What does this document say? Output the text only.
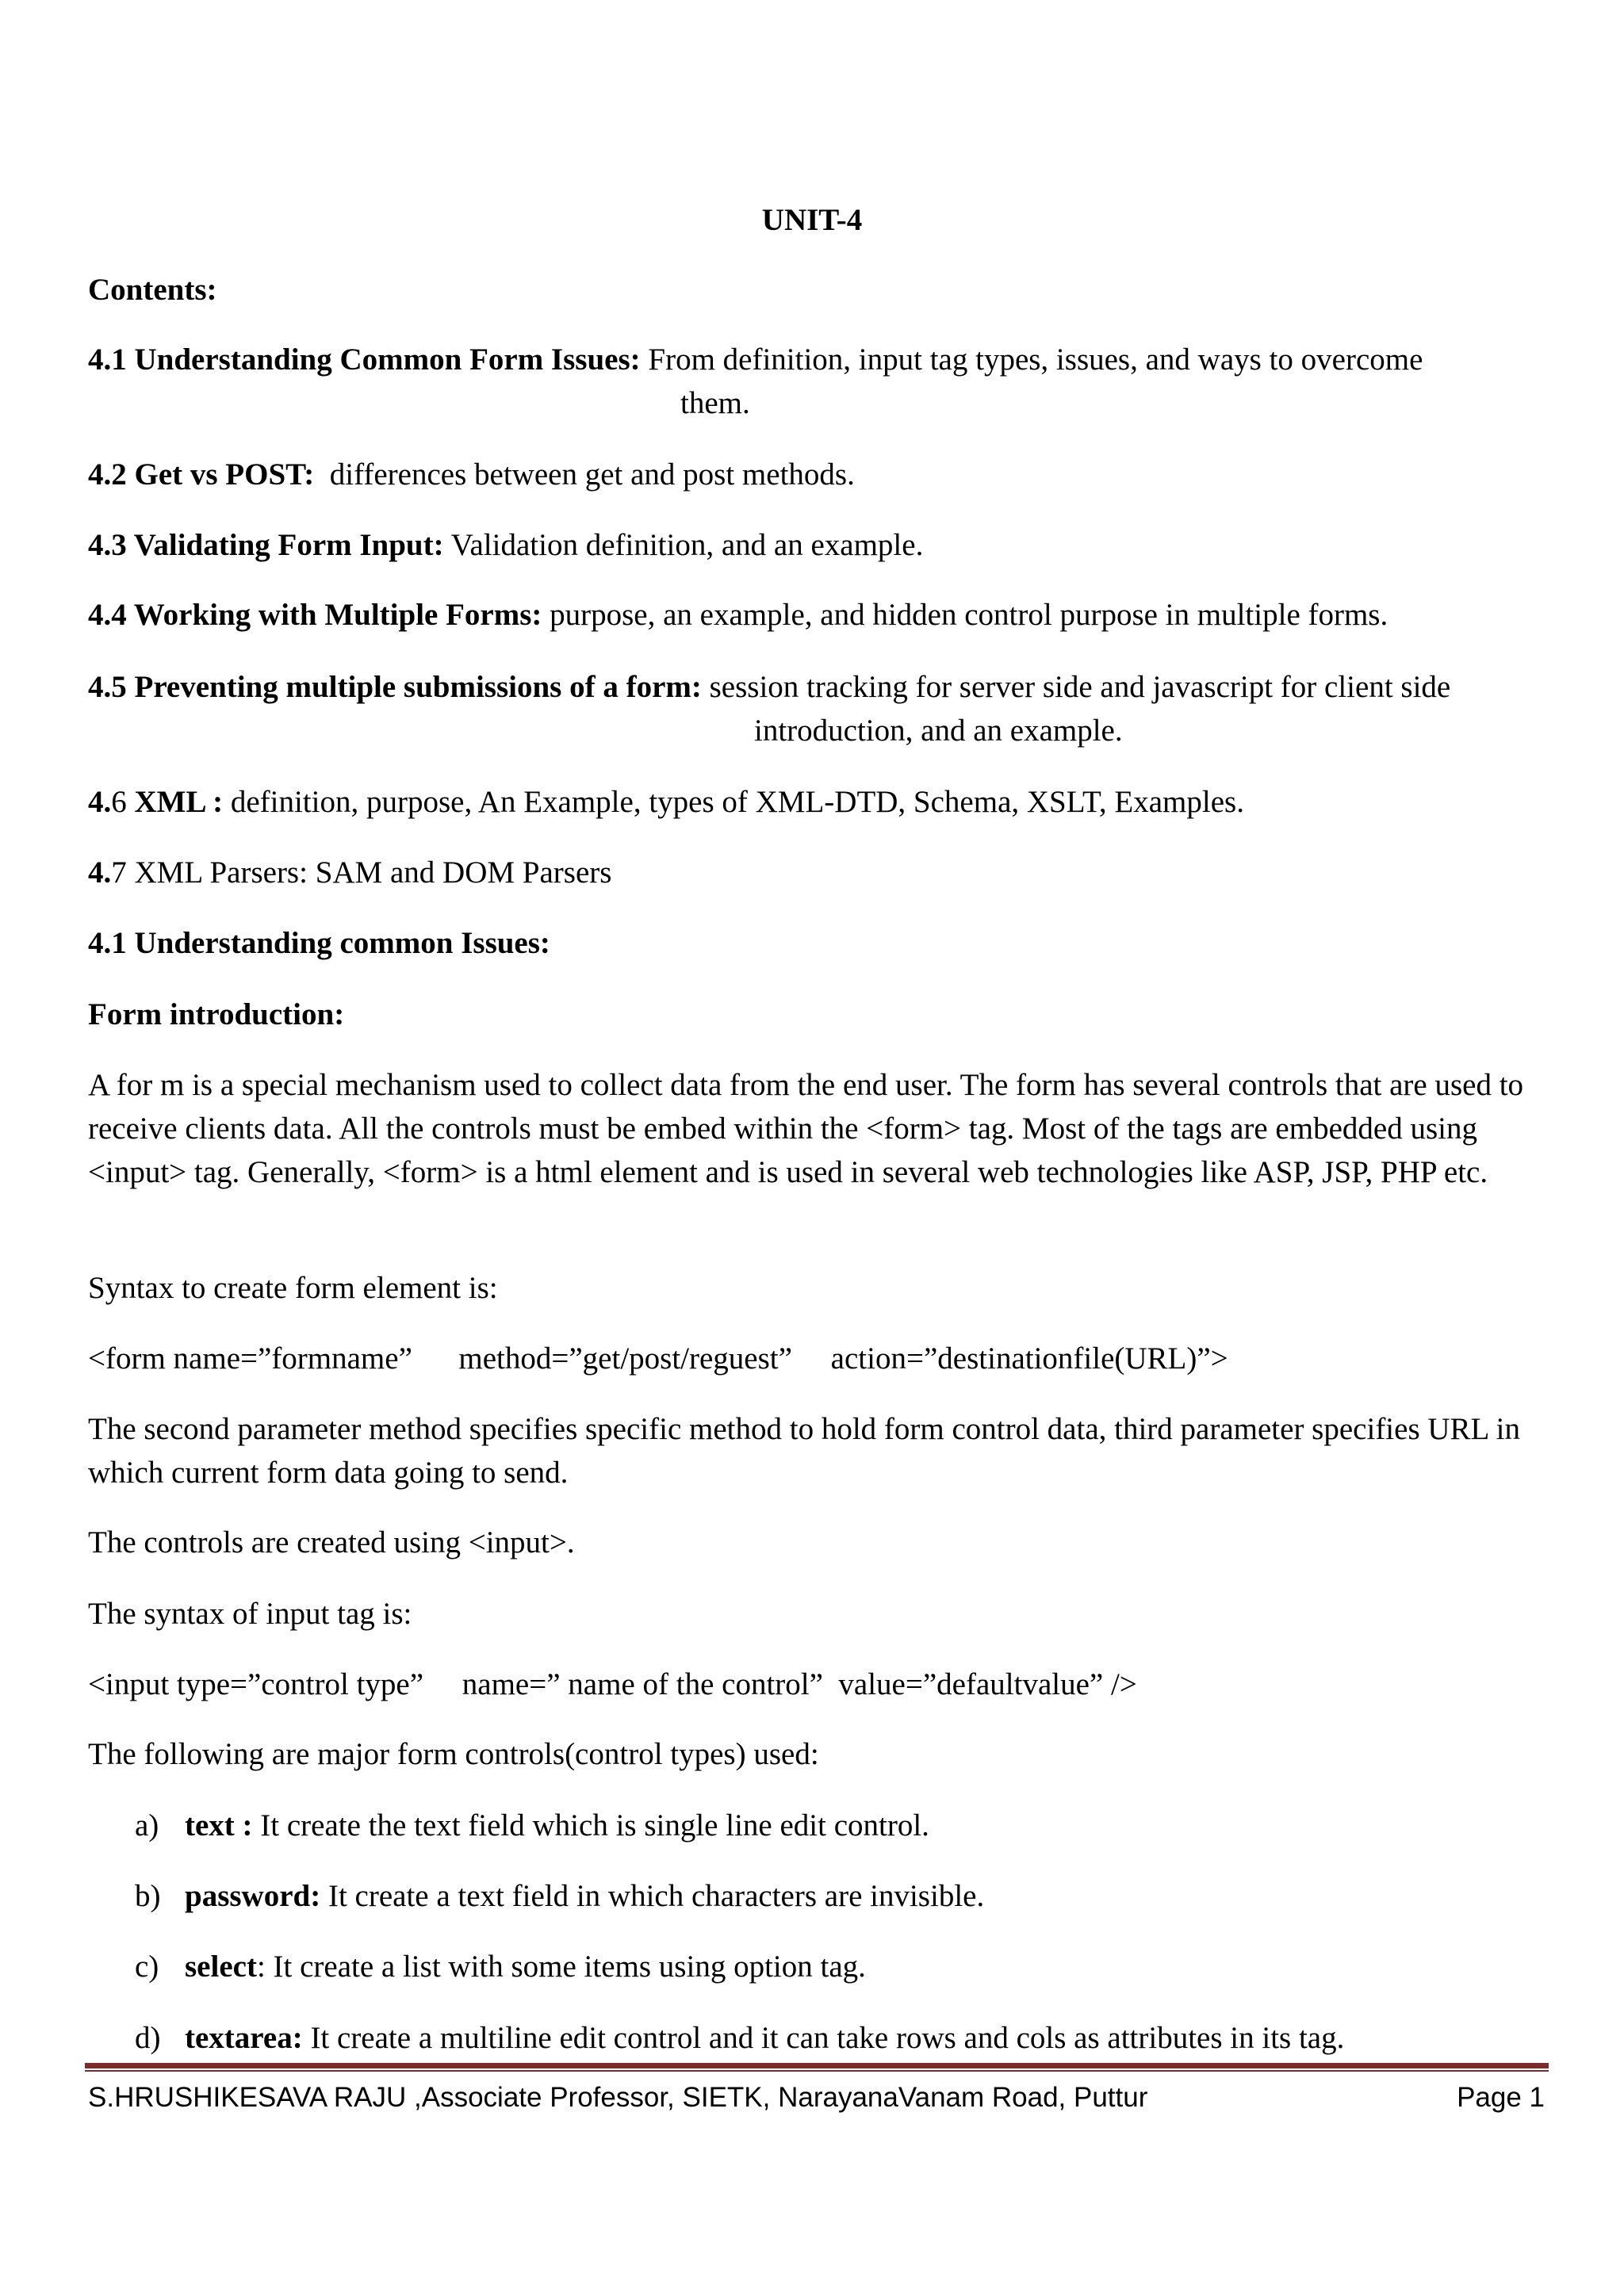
UNIT-4
Contents:
4.1 Understanding Common Form Issues: From definition, input tag types, issues, and ways to overcome
them.
4.2 Get vs POST:  differences between get and post methods.
4.3 Validating Form Input: Validation definition, and an example.
4.4 Working with Multiple Forms: purpose, an example, and hidden control purpose in multiple forms.
4.5 Preventing multiple submissions of a form: session tracking for server side and javascript for client side
introduction, and an example.
4.6 XML : definition, purpose, An Example, types of XML-DTD, Schema, XSLT, Examples.
4.7 XML Parsers: SAM and DOM Parsers
4.1 Understanding common Issues:
Form introduction:
A for m is a special mechanism used to collect data from the end user. The form has several controls that are used to receive clients data. All the controls must be embed within the <form> tag. Most of the tags are embedded using <input> tag. Generally, <form> is a html element and is used in several web technologies like ASP, JSP, PHP etc.
Syntax to create form element is:
<form name=”formname”      method=”get/post/reguest”     action=”destinationfile(URL)”>
The second parameter method specifies specific method to hold form control data, third parameter specifies URL in which current form data going to send.
The controls are created using <input>.
The syntax of input tag is:
<input type=”control type”     name=” name of the control”  value=”defaultvalue” />
The following are major form controls(control types) used:
a) text : It create the text field which is single line edit control.
b) password: It create a text field in which characters are invisible.
c) select: It create a list with some items using option tag.
d) textarea: It create a multiline edit control and it can take rows and cols as attributes in its tag.
S.HRUSHIKESAVA RAJU ,Associate Professor, SIETK, NarayanaVanam Road, Puttur	Page 1
